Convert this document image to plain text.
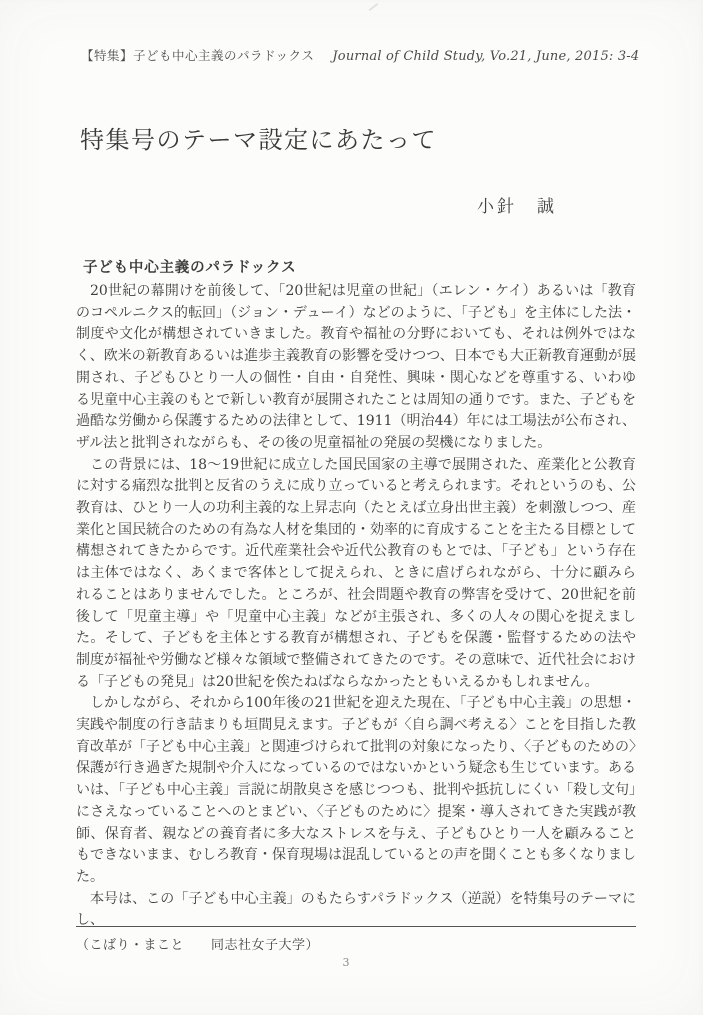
【特集】子ども中心主義のパラドックス Journal of Child Study, Vo.21, June, 2015: 3-4
特集号のテーマ設定にあたって
小針　誠
子ども中心主義のパラドックス

20世紀の幕開けを前後して、「20世紀は児童の世紀」（エレン・ケイ）あるいは「教育のコペルニクス的転回」（ジョン・デューイ）などのように、「子ども」を主体にした法・制度や文化が構想されていきました。教育や福祉の分野においても、それは例外ではなく、欧米の新教育あるいは進歩主義教育の影響を受けつつ、日本でも大正新教育運動が展開され、子どもひとり一人の個性・自由・自発性、興味・関心などを尊重する、いわゆる児童中心主義のもとで新しい教育が展開されたことは周知の通りです。また、子どもを過酷な労働から保護するための法律として、1911（明治44）年には工場法が公布され、ザル法と批判されながらも、その後の児童福祉の発展の契機になりました。

この背景には、18〜19世紀に成立した国民国家の主導で展開された、産業化と公教育に対する痛烈な批判と反省のうえに成り立っていると考えられます。それというのも、公教育は、ひとり一人の功利主義的な上昇志向（たとえば立身出世主義）を刺激しつつ、産業化と国民統合のための有為な人材を集団的・効率的に育成することを主たる目標として構想されてきたからです。近代産業社会や近代公教育のもとでは、「子ども」という存在は主体ではなく、あくまで客体として捉えられ、ときに虐げられながら、十分に顧みられることはありませんでした。ところが、社会問題や教育の弊害を受けて、20世紀を前後して「児童主導」や「児童中心主義」などが主張され、多くの人々の関心を捉えました。そして、子どもを主体とする教育が構想され、子どもを保護・監督するための法や制度が福祉や労働など様々な領域で整備されてきたのです。その意味で、近代社会における「子どもの発見」は20世紀を俟たねばならなかったともいえるかもしれません。

しかしながら、それから100年後の21世紀を迎えた現在、「子ども中心主義」の思想・実践や制度の行き詰まりも垣間見えます。子どもが〈自ら調べ考える〉ことを目指した教育改革が「子ども中心主義」と関連づけられて批判の対象になったり、〈子どものための〉保護が行き過ぎた規制や介入になっているのではないかという疑念も生じています。あるいは、「子ども中心主義」言説に胡散臭さを感じつつも、批判や抵抗しにくい「殺し文句」にさえなっていることへのとまどい、〈子どものために〉提案・導入されてきた実践が教師、保育者、親などの養育者に多大なストレスを与え、子どもひとり一人を顧みることもできないまま、むしろ教育・保育現場は混乱しているとの声を聞くことも多くなりました。

本号は、この「子ども中心主義」のもたらすパラドックス（逆説）を特集号のテーマにし、

（こばり・まこと　　同志社女子大学）
3
